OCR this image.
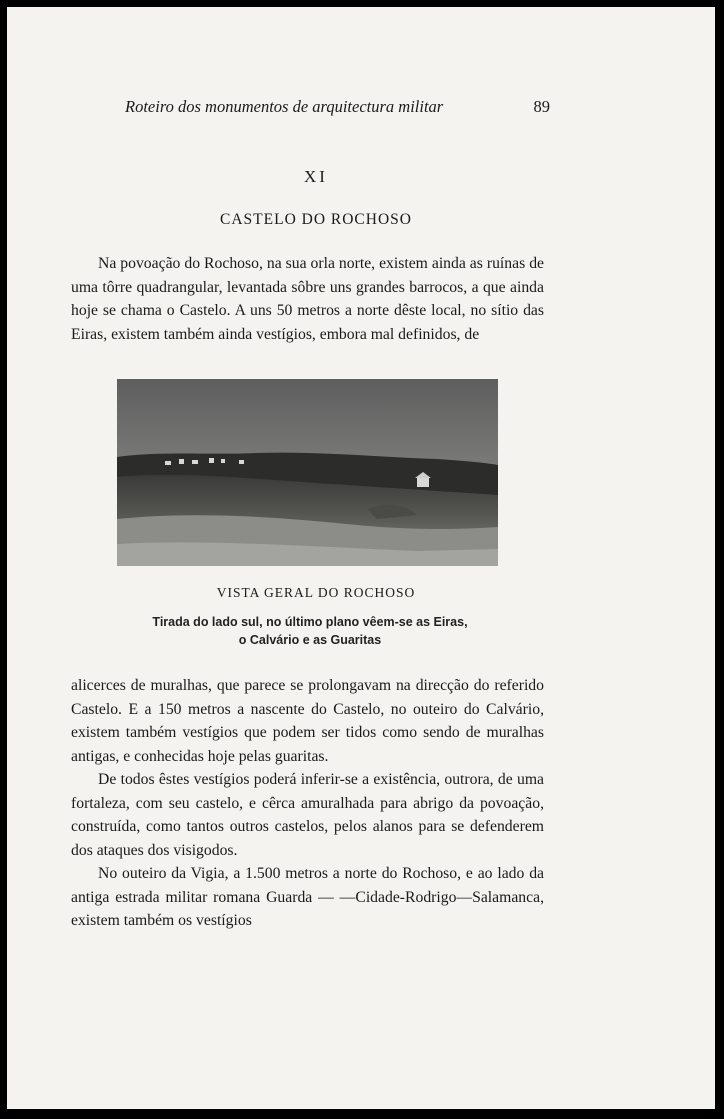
Roteiro dos monumentos de arquitectura militar	89
XI
CASTELO DO ROCHOSO

Na povoação do Rochoso, na sua orla norte, existem ainda as ruínas de uma tôrre quadrangular, levantada sôbre uns grandes barrocos, a que ainda hoje se chama o Castelo. A uns 50 metros a norte dêste local, no sítio das Eiras, existem também ainda vestígios, embora mal definidos, de

VISTA GERAL DO ROCHOSO
Tirada do lado sul, no último plano vêem-se as Eiras,
o Calvário e as Guaritas

alicerces de muralhas, que parece se prolongavam na direcção do referido Castelo. E a 150 metros a nascente do Castelo, no outeiro do Calvário, existem também vestígios que podem ser tidos como sendo de muralhas antigas, e conhecidas hoje pelas guaritas.

De todos êstes vestígios poderá inferir-se a existência, outrora, de uma fortaleza, com seu castelo, e cêrca amuralhada para abrigo da povoação, construída, como tantos outros castelos, pelos alanos para se defenderem dos ataques dos visigodos.

No outeiro da Vigia, a 1.500 metros a norte do Rochoso, e ao lado da antiga estrada militar romana Guarda — —Cidade-Rodrigo—Salamanca, existem também os vestígios
